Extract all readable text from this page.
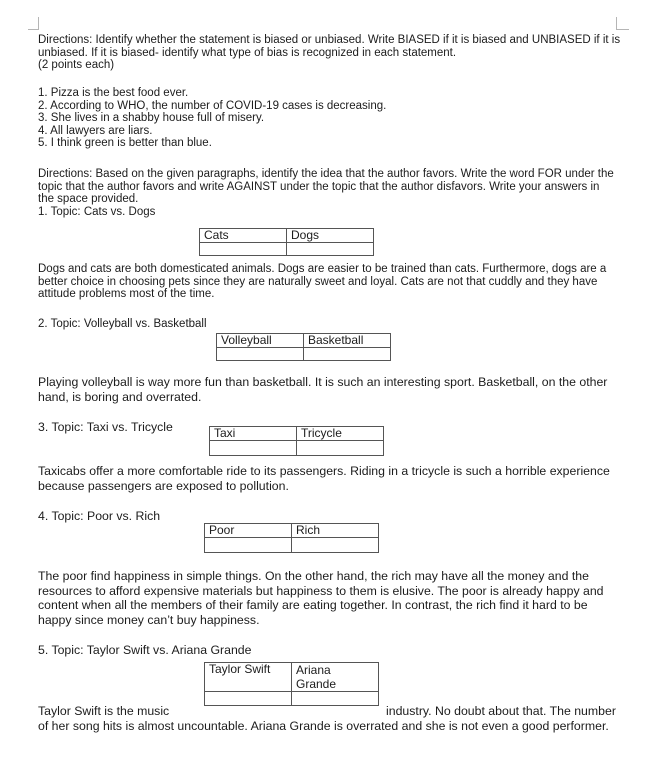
Directions: Identify whether the statement is biased or unbiased. Write BIASED if it is biased and UNBIASED if it is unbiased. If it is biased- identify what type of bias is recognized in each statement.
(2 points each)
1. Pizza is the best food ever.
2. According to WHO, the number of COVID-19 cases is decreasing.
3. She lives in a shabby house full of misery.
4. All lawyers are liars.
5. I think green is better than blue.
Directions: Based on the given paragraphs, identify the idea that the author favors. Write the word FOR under the topic that the author favors and write AGAINST under the topic that the author disfavors. Write your answers in the space provided.
1. Topic: Cats vs. Dogs
Cats	Dogs

Dogs and cats are both domesticated animals. Dogs are easier to be trained than cats. Furthermore, dogs are a better choice in choosing pets since they are naturally sweet and loyal. Cats are not that cuddly and they have attitude problems most of the time.
2. Topic: Volleyball vs. Basketball
Volleyball	Basketball

Playing volleyball is way more fun than basketball. It is such an interesting sport. Basketball, on the other hand, is boring and overrated.
3. Topic: Taxi vs. Tricycle	Taxi	Tricycle

Taxicabs offer a more comfortable ride to its passengers. Riding in a tricycle is such a horrible experience because passengers are exposed to pollution.
4. Topic: Poor vs. Rich
Poor	Rich

The poor find happiness in simple things. On the other hand, the rich may have all the money and the resources to afford expensive materials but happiness to them is elusive. The poor is already happy and content when all the members of their family are eating together. In contrast, the rich find it hard to be happy since money can’t buy happiness.
5. Topic: Taylor Swift vs. Ariana Grande
Taylor Swift	Ariana Grande

Taylor Swift is the music	industry. No doubt about that. The number of her song hits is almost uncountable. Ariana Grande is overrated and she is not even a good performer.
